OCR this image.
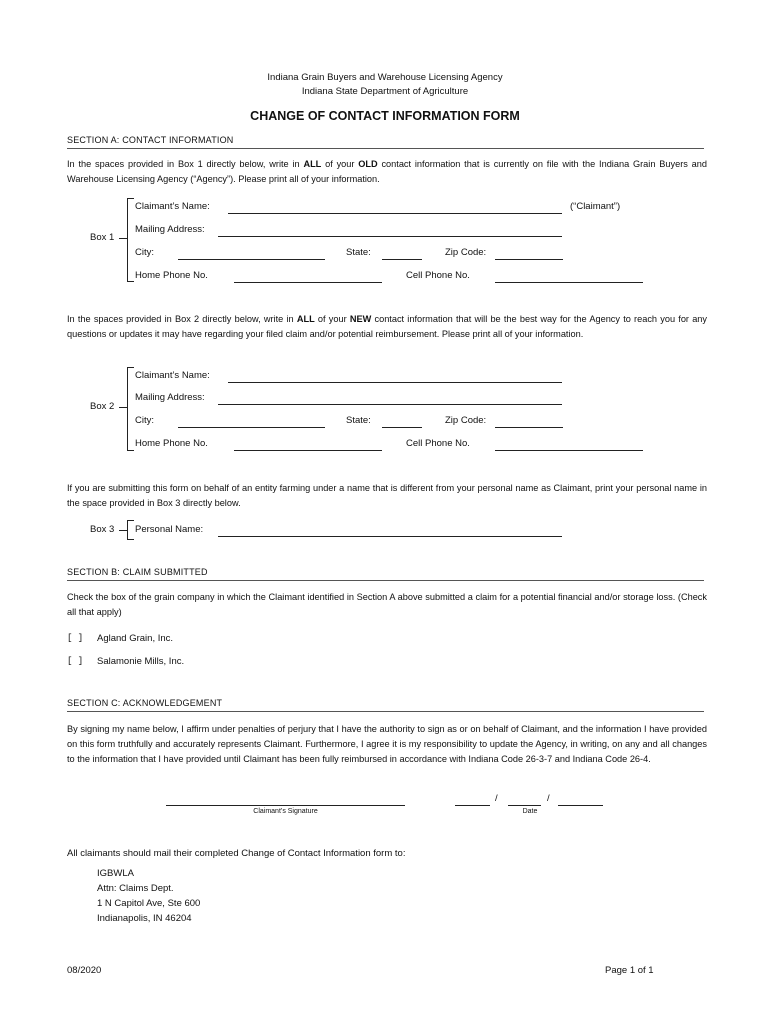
Indiana Grain Buyers and Warehouse Licensing Agency
Indiana State Department of Agriculture
CHANGE OF CONTACT INFORMATION FORM
SECTION A: CONTACT INFORMATION
In the spaces provided in Box 1 directly below, write in ALL of your OLD contact information that is currently on file with the Indiana Grain Buyers and Warehouse Licensing Agency (“Agency”). Please print all of your information.
Box 1
Claimant’s Name:	(“Claimant”)
Mailing Address:
City:	State:	Zip Code:
Home Phone No.	Cell Phone No.
In the spaces provided in Box 2 directly below, write in ALL of your NEW contact information that will be the best way for the Agency to reach you for any questions or updates it may have regarding your filed claim and/or potential reimbursement. Please print all of your information.
Box 2
Claimant’s Name:
Mailing Address:
City:	State:	Zip Code:
Home Phone No.	Cell Phone No.
If you are submitting this form on behalf of an entity farming under a name that is different from your personal name as Claimant, print your personal name in the space provided in Box 3 directly below.
Box 3 Personal Name:
SECTION B: CLAIM SUBMITTED
Check the box of the grain company in which the Claimant identified in Section A above submitted a claim for a potential financial and/or storage loss. (Check all that apply)
[ ] Agland Grain, Inc.
[ ] Salamonie Mills, Inc.
SECTION C: ACKNOWLEDGEMENT
By signing my name below, I affirm under penalties of perjury that I have the authority to sign as or on behalf of Claimant, and the information I have provided on this form truthfully and accurately represents Claimant. Furthermore, I agree it is my responsibility to update the Agency, in writing, on any and all changes to the information that I have provided until Claimant has been fully reimbursed in accordance with Indiana Code 26-3-7 and Indiana Code 26-4.
Claimant’s Signature
/	/
Date
All claimants should mail their completed Change of Contact Information form to:
IGBWLA
Attn: Claims Dept.
1 N Capitol Ave, Ste 600
Indianapolis, IN 46204
08/2020	Page 1 of 1
